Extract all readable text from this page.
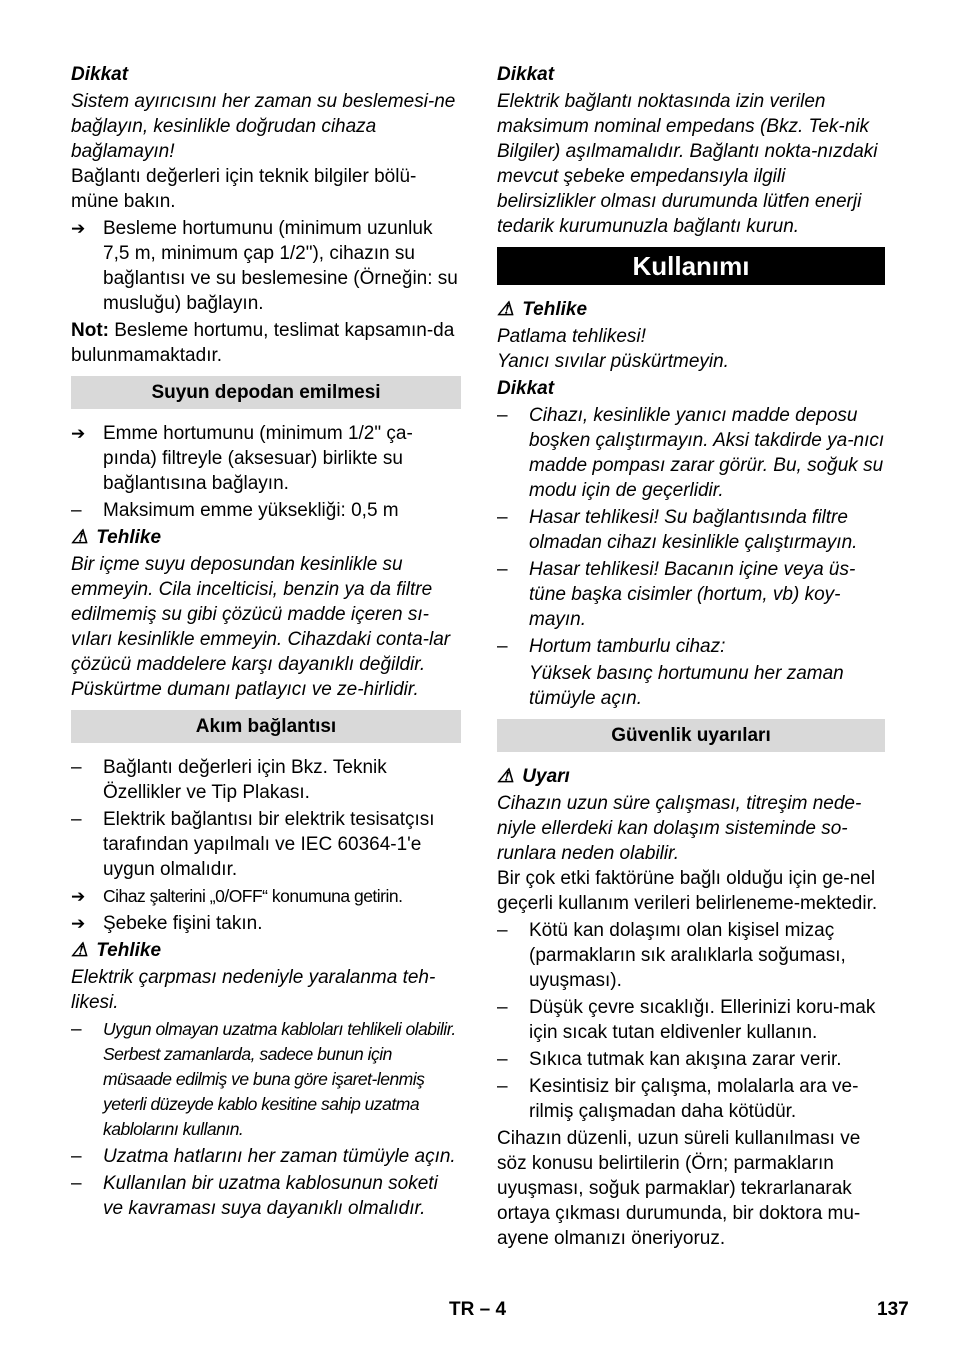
Dikkat

Sistem ayırıcısını her zaman su beslemesi-ne bağlayın, kesinlikle doğrudan cihaza bağlamayın!

Bağlantı değerleri için teknik bilgiler bölü-müne bakın.

➔ Besleme hortumunu (minimum uzunluk 7,5 m, minimum çap 1/2"), cihazın su bağlantısı ve su beslemesine (Örneğin: su musluğu) bağlayın.

Not: Besleme hortumu, teslimat kapsamın-da bulunmamaktadır.

Suyun depodan emilmesi
➔ Emme hortumunu (minimum 1/2" ça-pında) filtreyle (aksesuar) birlikte su bağlantısına bağlayın.
–	Maksimum emme yüksekliği: 0,5 m

⚠ Tehlike

Bir içme suyu deposundan kesinlikle su emmeyin. Cila incelticisi, benzin ya da filtre edilmemiş su gibi çözücü madde içeren sı-vıları kesinlikle emmeyin. Cihazdaki conta-lar çözücü maddelere karşı dayanıklı değildir. Püskürtme dumanı patlayıcı ve ze-hirlidir.

Akım bağlantısı
–	Bağlantı değerleri için Bkz. Teknik Özellikler ve Tip Plakası.
–	Elektrik bağlantısı bir elektrik tesisatçısı tarafından yapılmalı ve IEC 60364-1'e uygun olmalıdır.
➔	Cihaz şalterini „0/OFF“ konumuna getirin.
➔ Şebeke fişini takın.

⚠ Tehlike

Elektrik çarpması nedeniyle yaralanma teh-likesi.

–	Uygun olmayan uzatma kabloları tehlikeli olabilir. Serbest zamanlarda, sadece bunun için müsaade edilmiş ve buna göre işaret-lenmiş yeterli düzeyde kablo kesitine sahip uzatma kablolarını kullanın.
–	Uzatma hatlarını her zaman tümüyle açın.
–	Kullanılan bir uzatma kablosunun soketi ve kavraması suya dayanıklı olmalıdır.

Dikkat

Elektrik bağlantı noktasında izin verilen maksimum nominal empedans (Bkz. Tek-nik Bilgiler) aşılmamalıdır. Bağlantı nokta-nızdaki mevcut şebeke empedansıyla ilgili belirsizlikler olması durumunda lütfen enerji tedarik kurumunuzla bağlantı kurun.

Kullanımı

⚠ Tehlike

Patlama tehlikesi!

Yanıcı sıvılar püskürtmeyin.

Dikkat

–	Cihazı, kesinlikle yanıcı madde deposu boşken çalıştırmayın. Aksi takdirde ya-nıcı madde pompası zarar görür. Bu, soğuk su modu için de geçerlidir.
–	Hasar tehlikesi! Su bağlantısında filtre olmadan cihazı kesinlikle çalıştırmayın.
–	Hasar tehlikesi! Bacanın içine veya üs-tüne başka cisimler (hortum, vb) koy-mayın.
–	Hortum tamburlu cihaz:
Yüksek basınç hortumunu her zaman tümüyle açın.
Güvenlik uyarıları

⚠ Uyarı

Cihazın uzun süre çalışması, titreşim nede-niyle ellerdeki kan dolaşım sisteminde so-runlara neden olabilir.

Bir çok etki faktörüne bağlı olduğu için ge-nel geçerli kullanım verileri belirleneme-mektedir.

–	Kötü kan dolaşımı olan kişisel mizaç (parmakların sık aralıklarla soğuması, uyuşması).
–	Düşük çevre sıcaklığı. Ellerinizi koru-mak için sıcak tutan eldivenler kullanın.
–	Sıkıca tutmak kan akışına zarar verir.
–	Kesintisiz bir çalışma, molalarla ara ve-rilmiş çalışmadan daha kötüdür.

Cihazın düzenli, uzun süreli kullanılması ve söz konusu belirtilerin (Örn; parmakların uyuşması, soğuk parmaklar) tekrarlanarak ortaya çıkması durumunda, bir doktora mu-ayene olmanızı öneriyoruz.

TR – 4	137
